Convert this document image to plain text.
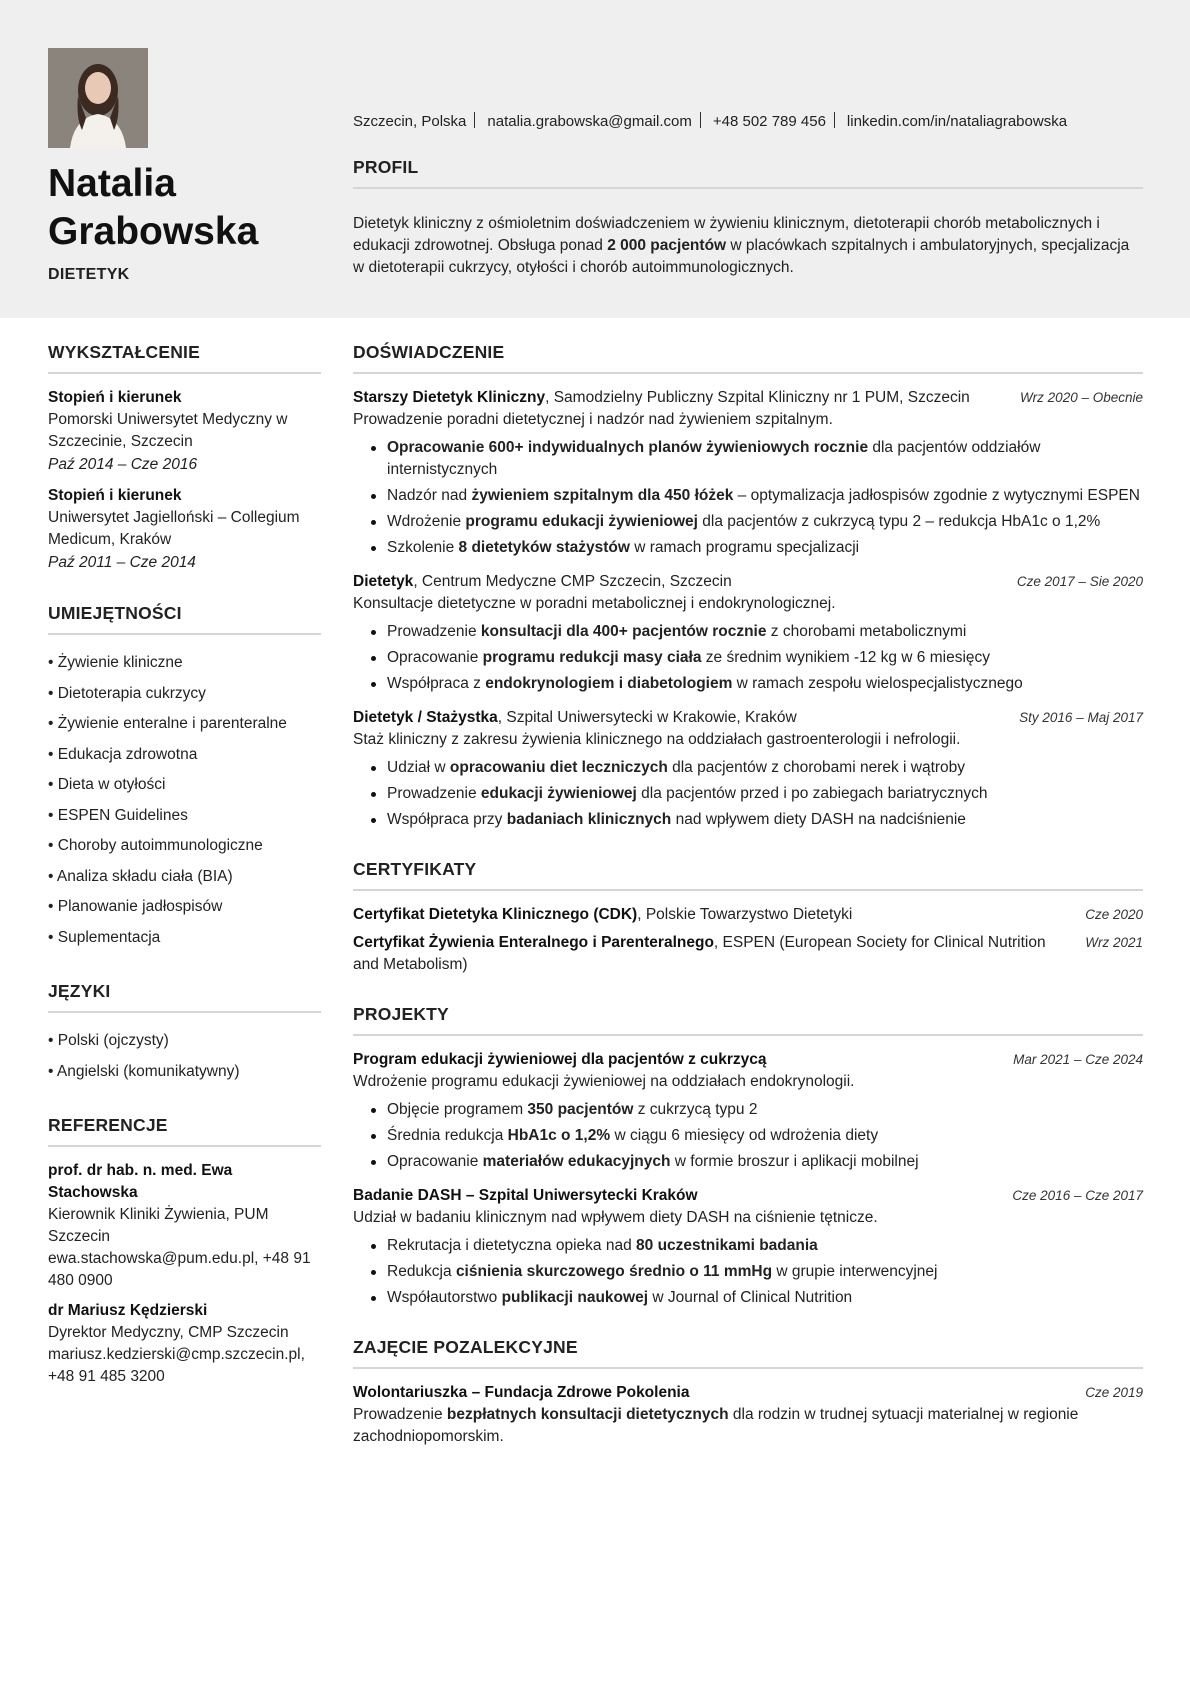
Natalia Grabowska
DIETETYK
Szczecin, Polska natalia.grabowska@gmail.com +48 502 789 456 linkedin.com/in/nataliagrabowska
PROFIL

Dietetyk kliniczny z ośmioletnim doświadczeniem w żywieniu klinicznym, dietoterapii chorób metabolicznych i edukacji zdrowotnej. Obsługa ponad 2 000 pacjentów w placówkach szpitalnych i ambulatoryjnych, specjalizacja w dietoterapii cukrzycy, otyłości i chorób autoimmunologicznych.

WYKSZTAŁCENIE
Stopień i kierunek
Pomorski Uniwersytet Medyczny w Szczecinie, Szczecin
Paź 2014 – Cze 2016
Stopień i kierunek
Uniwersytet Jagielloński – Collegium Medicum, Kraków
Paź 2011 – Cze 2014
UMIEJĘTNOŚCI
• Żywienie kliniczne
• Dietoterapia cukrzycy
• Żywienie enteralne i parenteralne
• Edukacja zdrowotna
• Dieta w otyłości
• ESPEN Guidelines
• Choroby autoimmunologiczne
• Analiza składu ciała (BIA)
• Planowanie jadłospisów
• Suplementacja
JĘZYKI
• Polski (ojczysty)
• Angielski (komunikatywny)
REFERENCJE
prof. dr hab. n. med. Ewa Stachowska
Kierownik Kliniki Żywienia, PUM Szczecin
ewa.stachowska@pum.edu.pl, +48 91 480 0900
dr Mariusz Kędzierski
Dyrektor Medyczny, CMP Szczecin
mariusz.kedzierski@cmp.szczecin.pl, +48 91 485 3200
DOŚWIADCZENIE
Starszy Dietetyk Kliniczny, Samodzielny Publiczny Szpital Kliniczny nr 1 PUM, Szczecin	Wrz 2020 – Obecnie
Prowadzenie poradni dietetycznej i nadzór nad żywieniem szpitalnym.
Opracowanie 600+ indywidualnych planów żywieniowych rocznie dla pacjentów oddziałów internistycznych
Nadzór nad żywieniem szpitalnym dla 450 łóżek – optymalizacja jadłospisów zgodnie z wytycznymi ESPEN
Wdrożenie programu edukacji żywieniowej dla pacjentów z cukrzycą typu 2 – redukcja HbA1c o 1,2%
Szkolenie 8 dietetyków stażystów w ramach programu specjalizacji
Dietetyk, Centrum Medyczne CMP Szczecin, Szczecin	Cze 2017 – Sie 2020
Konsultacje dietetyczne w poradni metabolicznej i endokrynologicznej.
Prowadzenie konsultacji dla 400+ pacjentów rocznie z chorobami metabolicznymi
Opracowanie programu redukcji masy ciała ze średnim wynikiem -12 kg w 6 miesięcy
Współpraca z endokrynologiem i diabetologiem w ramach zespołu wielospecjalistycznego
Dietetyk / Stażystka, Szpital Uniwersytecki w Krakowie, Kraków	Sty 2016 – Maj 2017
Staż kliniczny z zakresu żywienia klinicznego na oddziałach gastroenterologii i nefrologii.
Udział w opracowaniu diet leczniczych dla pacjentów z chorobami nerek i wątroby
Prowadzenie edukacji żywieniowej dla pacjentów przed i po zabiegach bariatrycznych
Współpraca przy badaniach klinicznych nad wpływem diety DASH na nadciśnienie
CERTYFIKATY
Certyfikat Dietetyka Klinicznego (CDK), Polskie Towarzystwo Dietetyki	Cze 2020
Certyfikat Żywienia Enteralnego i Parenteralnego, ESPEN (European Society for Clinical Nutrition and Metabolism)
Wrz 2021
PROJEKTY
Program edukacji żywieniowej dla pacjentów z cukrzycą	Mar 2021 – Cze 2024
Wdrożenie programu edukacji żywieniowej na oddziałach endokrynologii.
Objęcie programem 350 pacjentów z cukrzycą typu 2
Średnia redukcja HbA1c o 1,2% w ciągu 6 miesięcy od wdrożenia diety
Opracowanie materiałów edukacyjnych w formie broszur i aplikacji mobilnej
Badanie DASH – Szpital Uniwersytecki Kraków	Cze 2016 – Cze 2017
Udział w badaniu klinicznym nad wpływem diety DASH na ciśnienie tętnicze.
Rekrutacja i dietetyczna opieka nad 80 uczestnikami badania
Redukcja ciśnienia skurczowego średnio o 11 mmHg w grupie interwencyjnej
Współautorstwo publikacji naukowej w Journal of Clinical Nutrition
ZAJĘCIE POZALEKCYJNE
Wolontariuszka – Fundacja Zdrowe Pokolenia	Cze 2019
Prowadzenie bezpłatnych konsultacji dietetycznych dla rodzin w trudnej sytuacji materialnej w regionie zachodniopomorskim.
